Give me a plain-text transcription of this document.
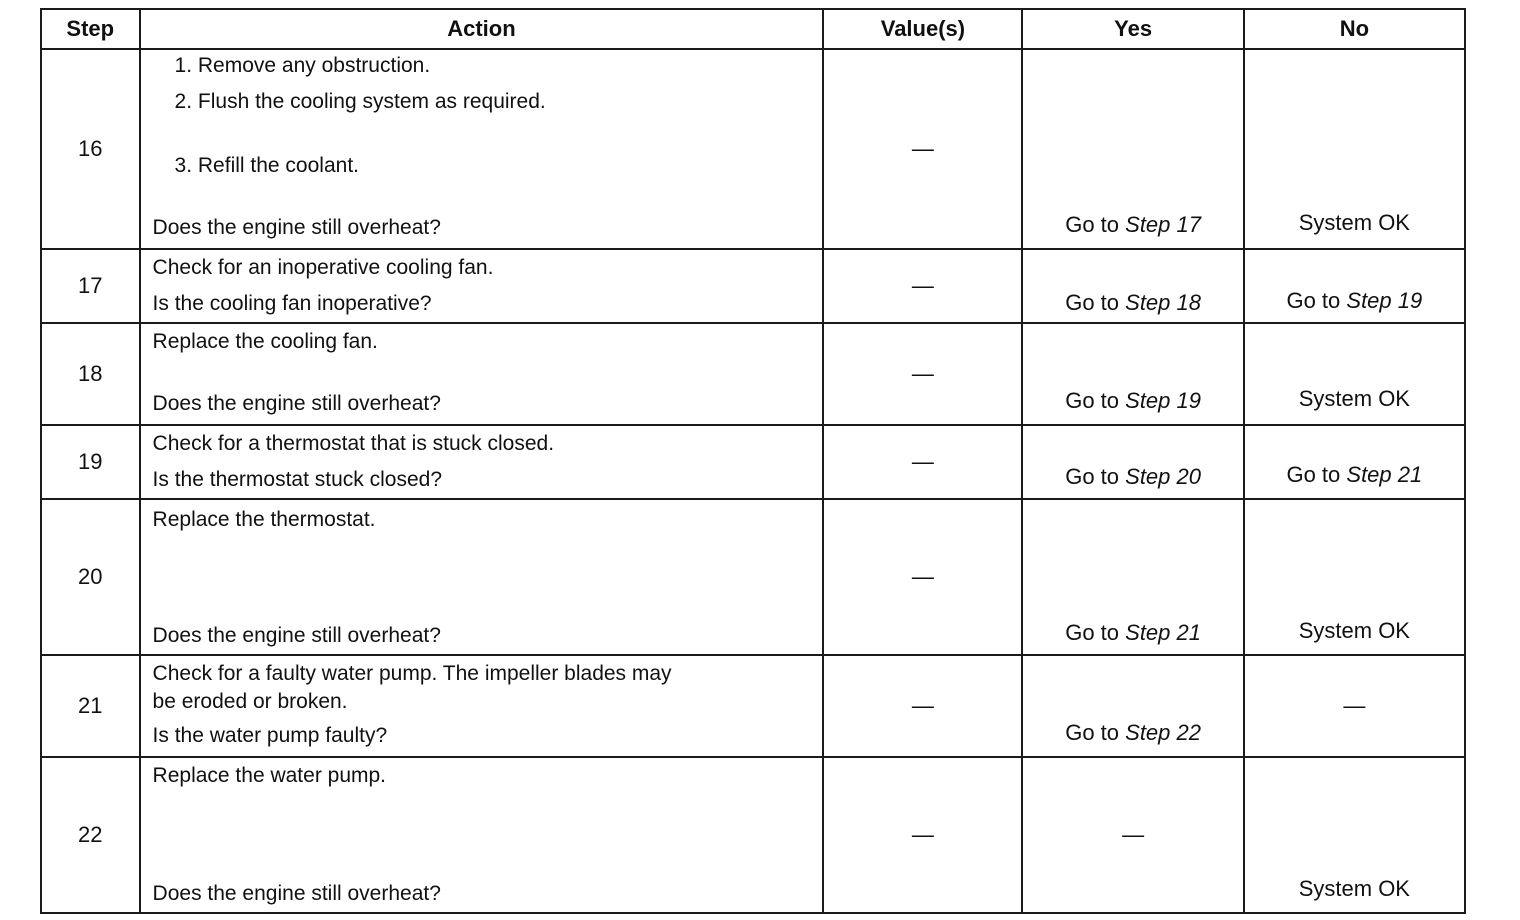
Step	Action	Value(s)	Yes	No
16	1. Remove any obstruction.
2. Flush the cooling system as required.
3. Refill the coolant.
Does the engine still overheat?	—	Go to Step 17	System OK

17	Check for an inoperative cooling fan.
Is the cooling fan inoperative?	—	Go to Step 18	Go to Step 19

18	Replace the cooling fan.
Does the engine still overheat?	—	Go to Step 19	System OK

19	Check for a thermostat that is stuck closed.
Is the thermostat stuck closed?	—	Go to Step 20	Go to Step 21

20	Replace the thermostat.
Does the engine still overheat?	—	Go to Step 21	System OK

21	Check for a faulty water pump. The impeller blades may
be eroded or broken.
Is the water pump faulty?	—	Go to Step 22	—
22	Replace the water pump.
Does the engine still overheat?	—	—	System OK
